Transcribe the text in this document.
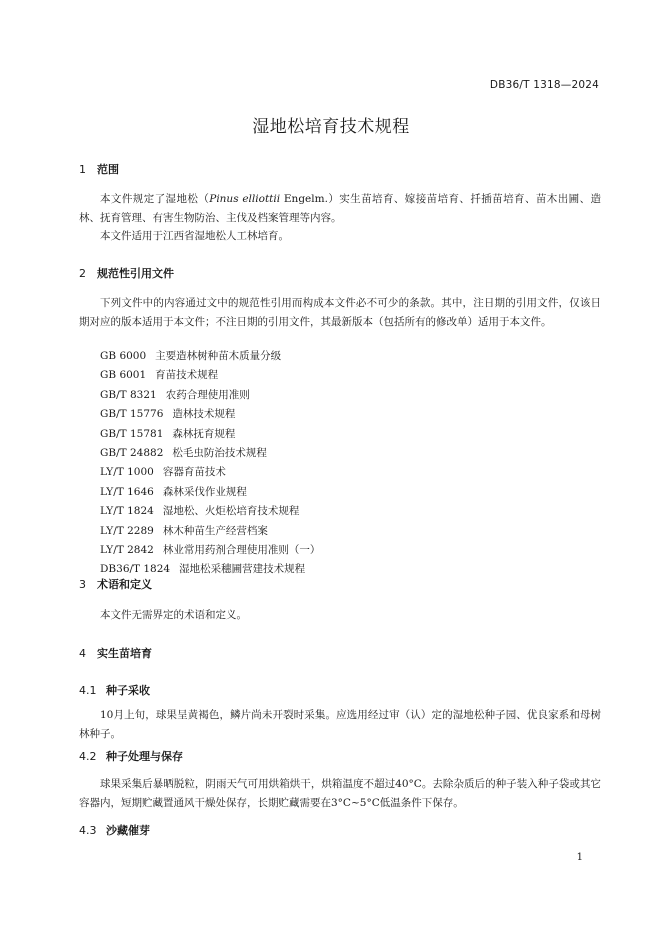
DB36/T 1318—2024
湿地松培育技术规程
1 范围
本文件规定了湿地松（Pinus elliottii Engelm.）实生苗培育、嫁接苗培育、扦插苗培育、苗木出圃、造林、抚育管理、有害生物防治、主伐及档案管理等内容。
本文件适用于江西省湿地松人工林培育。
2 规范性引用文件
下列文件中的内容通过文中的规范性引用而构成本文件必不可少的条款。其中，注日期的引用文件，仅该日期对应的版本适用于本文件；不注日期的引用文件，其最新版本（包括所有的修改单）适用于本文件。
GB 6000 主要造林树种苗木质量分级
GB 6001 育苗技术规程
GB/T 8321 农药合理使用准则
GB/T 15776 造林技术规程
GB/T 15781 森林抚育规程
GB/T 24882 松毛虫防治技术规程
LY/T 1000 容器育苗技术
LY/T 1646 森林采伐作业规程
LY/T 1824 湿地松、火炬松培育技术规程
LY/T 2289 林木种苗生产经营档案
LY/T 2842 林业常用药剂合理使用准则（一）
DB36/T 1824 湿地松采穗圃营建技术规程
3 术语和定义
本文件无需界定的术语和定义。
4 实生苗培育
4.1 种子采收
10月上旬，球果呈黄褐色，鳞片尚未开裂时采集。应选用经过审（认）定的湿地松种子园、优良家系和母树林种子。
4.2 种子处理与保存
球果采集后暴晒脱粒，阴雨天气可用烘箱烘干，烘箱温度不超过40°C。去除杂质后的种子装入种子袋或其它容器内，短期贮藏置通风干燥处保存，长期贮藏需要在3°C~5°C低温条件下保存。
4.3 沙藏催芽
1
